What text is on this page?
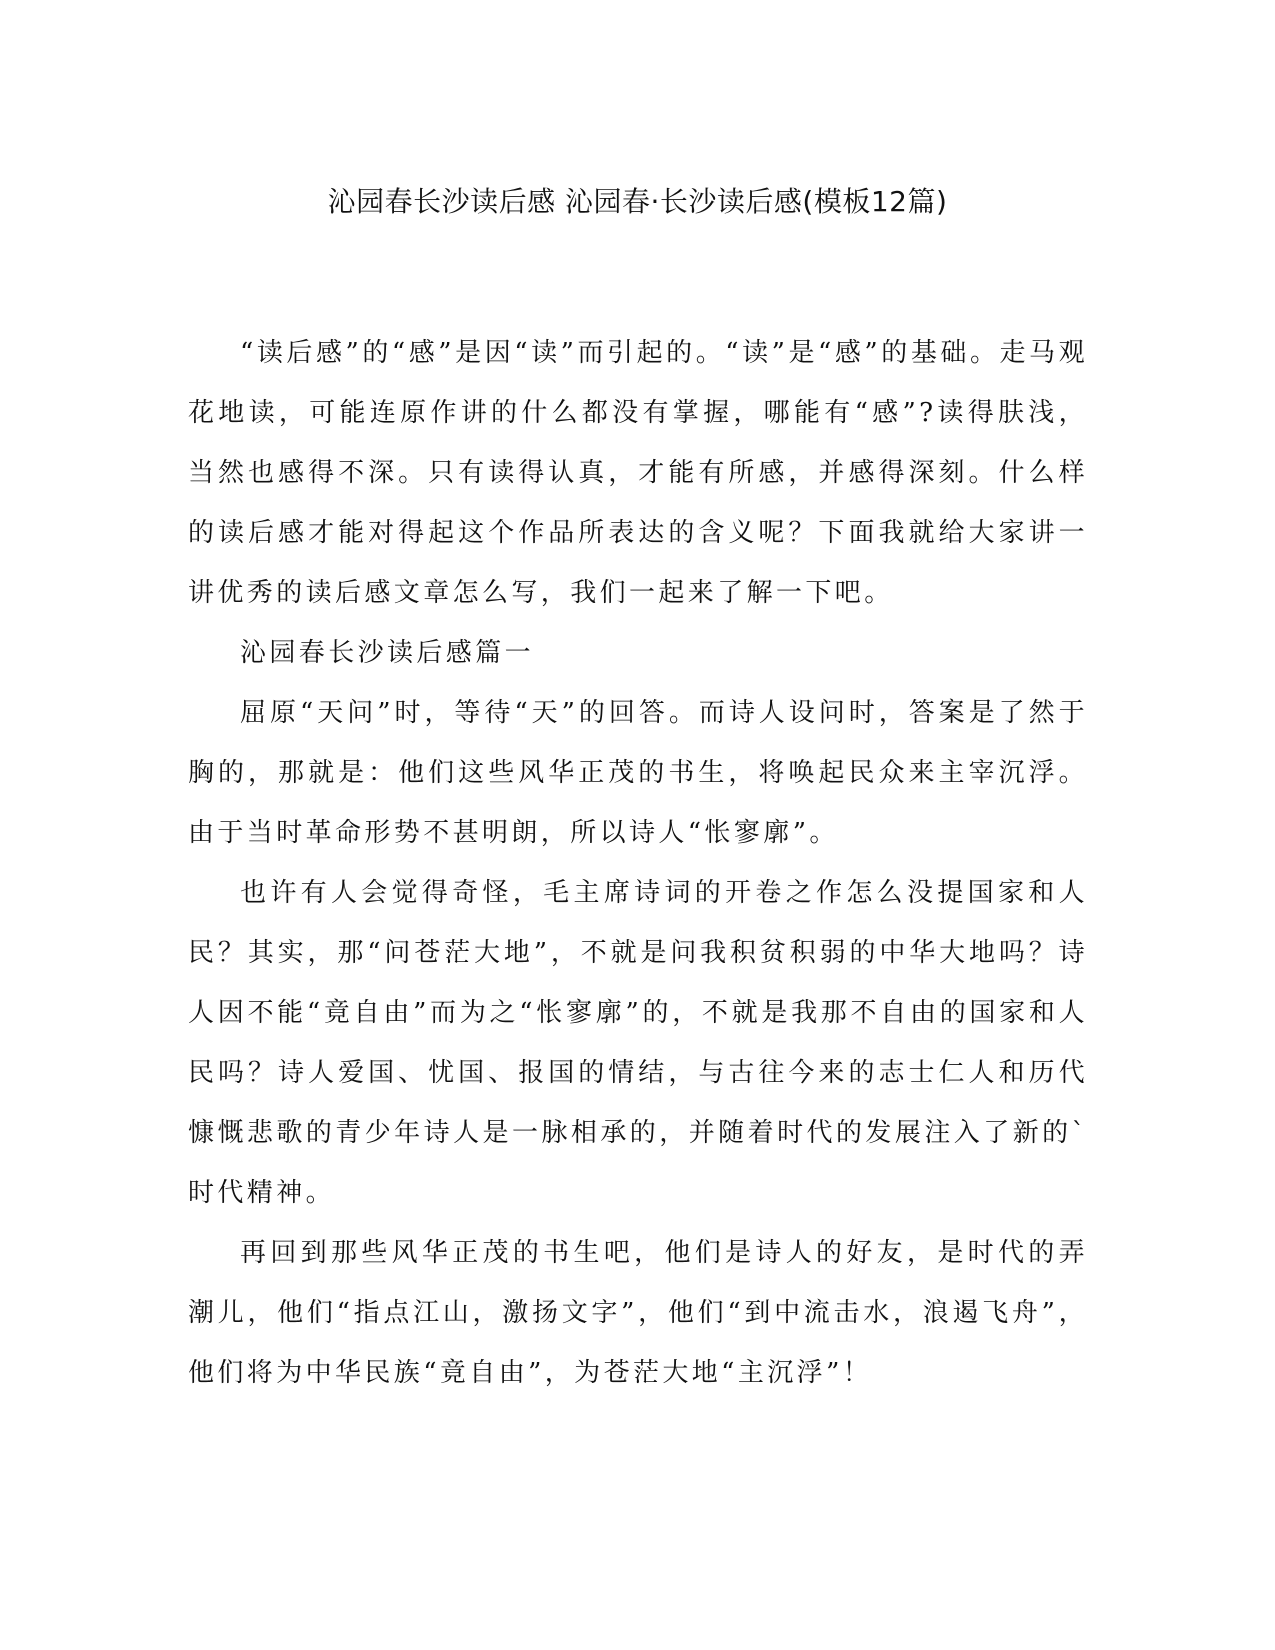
沁园春长沙读后感 沁园春·长沙读后感(模板12篇)

“读后感”的“感”是因“读”而引起的。“读”是“感”的基础。走马观花地读，可能连原作讲的什么都没有掌握，哪能有“感”?读得肤浅，当然也感得不深。只有读得认真，才能有所感，并感得深刻。什么样的读后感才能对得起这个作品所表达的含义呢？下面我就给大家讲一讲优秀的读后感文章怎么写，我们一起来了解一下吧。

沁园春长沙读后感篇一

屈原“天问”时，等待“天”的回答。而诗人设问时，答案是了然于胸的，那就是：他们这些风华正茂的书生，将唤起民众来主宰沉浮。由于当时革命形势不甚明朗，所以诗人“怅寥廓”。

也许有人会觉得奇怪，毛主席诗词的开卷之作怎么没提国家和人民？其实，那“问苍茫大地”，不就是问我积贫积弱的中华大地吗？诗人因不能“竟自由”而为之“怅寥廓”的，不就是我那不自由的国家和人民吗？诗人爱国、忧国、报国的情结，与古往今来的志士仁人和历代慷慨悲歌的青少年诗人是一脉相承的，并随着时代的发展注入了新的`时代精神。

再回到那些风华正茂的书生吧，他们是诗人的好友，是时代的弄潮儿，他们“指点江山，激扬文字”，他们“到中流击水，浪遏飞舟”，他们将为中华民族“竟自由”，为苍茫大地“主沉浮”！
